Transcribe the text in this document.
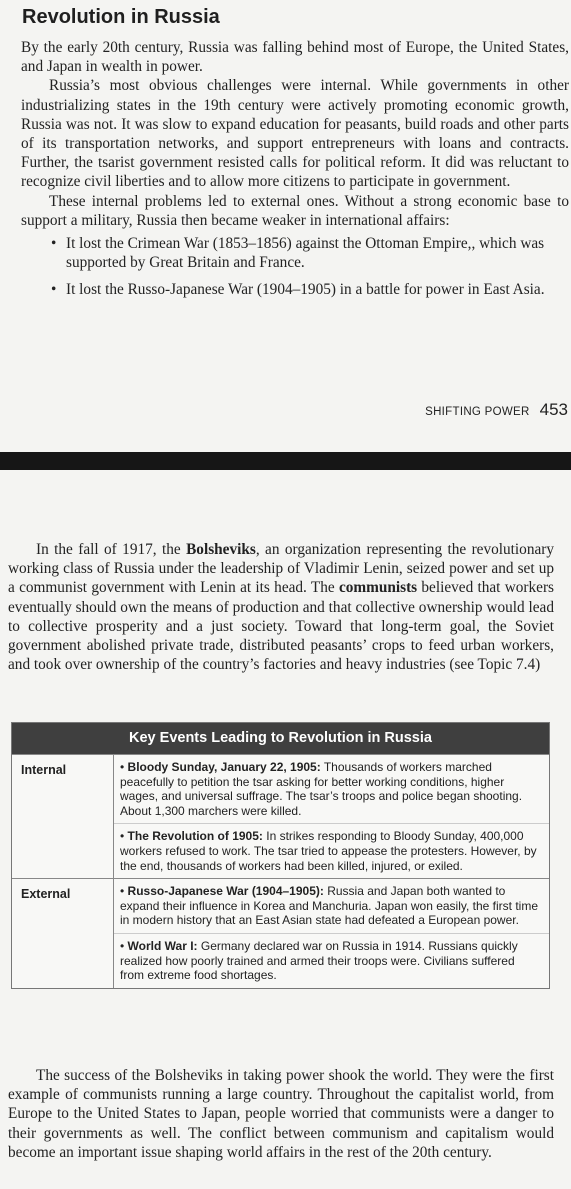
Revolution in Russia

By the early 20th century, Russia was falling behind most of Europe, the United States, and Japan in wealth in power.

Russia’s most obvious challenges were internal. While governments in other industrializing states in the 19th century were actively promoting economic growth, Russia was not. It was slow to expand education for peasants, build roads and other parts of its transportation networks, and support entrepreneurs with loans and contracts. Further, the tsarist government resisted calls for political reform. It did was reluctant to recognize civil liberties and to allow more citizens to participate in government.

These internal problems led to external ones. Without a strong economic base to support a military, Russia then became weaker in international affairs:

• It lost the Crimean War (1853–1856) against the Ottoman Empire,, which was supported by Great Britain and France.
• It lost the Russo-Japanese War (1904–1905) in a battle for power in East Asia.
SHIFTING POWER 453

In the fall of 1917, the Bolsheviks, an organization representing the revolutionary working class of Russia under the leadership of Vladimir Lenin, seized power and set up a communist government with Lenin at its head. The communists believed that workers eventually should own the means of production and that collective ownership would lead to collective prosperity and a just society. Toward that long-term goal, the Soviet government abolished private trade, distributed peasants’ crops to feed urban workers, and took over ownership of the country’s factories and heavy industries (see Topic 7.4)

Key Events Leading to Revolution in Russia
Internal	• Bloody Sunday, January 22, 1905: Thousands of workers marched peacefully to petition the tsar asking for better working conditions, higher wages, and universal suffrage. The tsar’s troops and police began shooting. About 1,300 marchers were killed.
• The Revolution of 1905: In strikes responding to Bloody Sunday, 400,000 workers refused to work. The tsar tried to appease the protesters. However, by the end, thousands of workers had been killed, injured, or exiled.
External	• Russo-Japanese War (1904–1905): Russia and Japan both wanted to expand their influence in Korea and Manchuria. Japan won easily, the first time in modern history that an East Asian state had defeated a European power.
• World War I: Germany declared war on Russia in 1914. Russians quickly realized how poorly trained and armed their troops were. Civilians suffered from extreme food shortages.

The success of the Bolsheviks in taking power shook the world. They were the first example of communists running a large country. Throughout the capitalist world, from Europe to the United States to Japan, people worried that communists were a danger to their governments as well. The conflict between communism and capitalism would become an important issue shaping world affairs in the rest of the 20th century.
